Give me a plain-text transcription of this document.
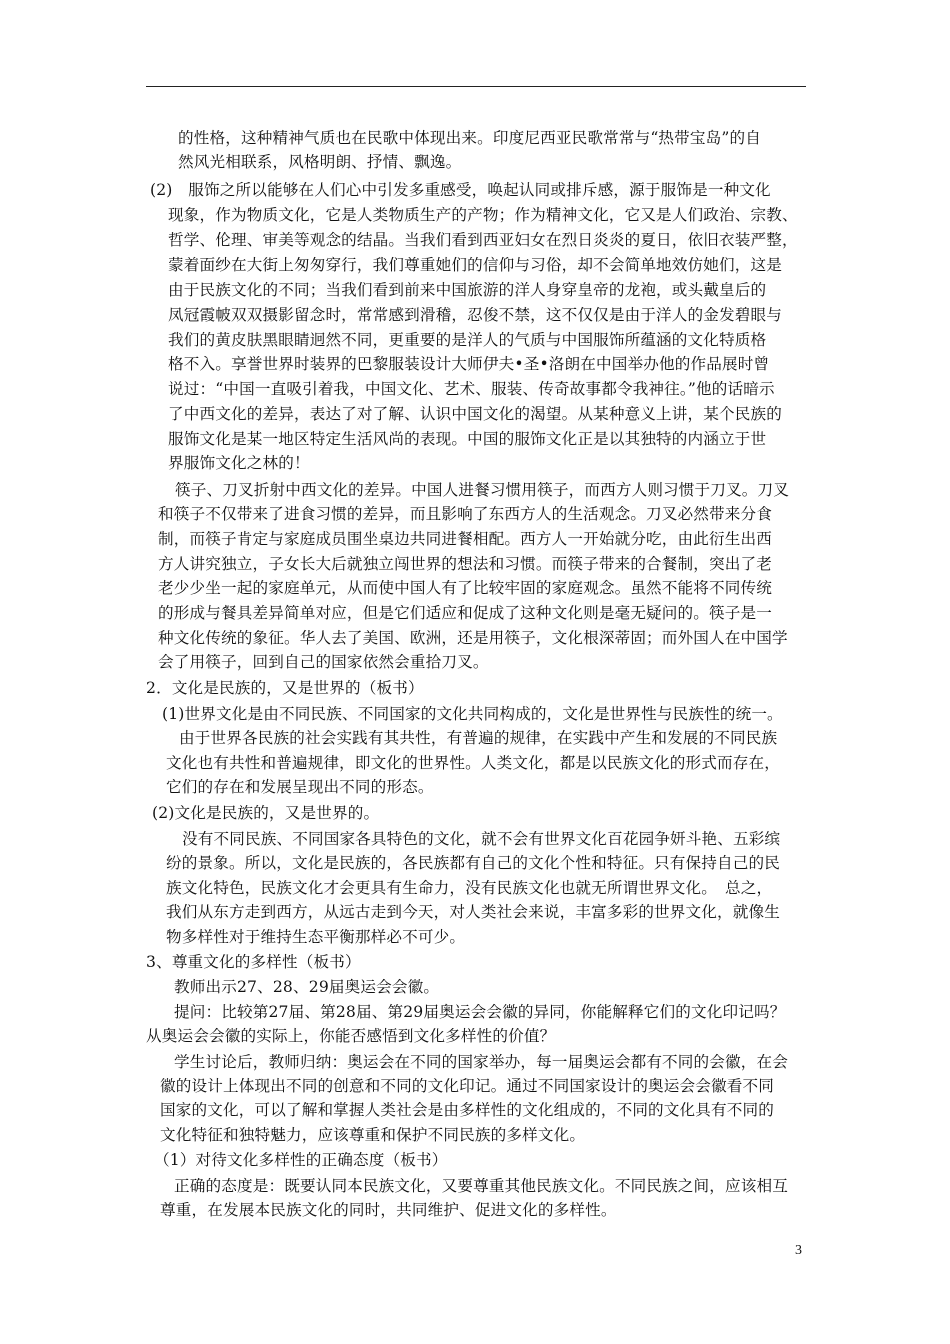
的性格，这种精神气质也在民歌中体现出来。印度尼西亚民歌常常与“热带宝岛”的自
然风光相联系，风格明朗、抒情、飘逸。
(2)　服饰之所以能够在人们心中引发多重感受，唤起认同或排斥感，源于服饰是一种文化
现象，作为物质文化，它是人类物质生产的产物；作为精神文化，它又是人们政治、宗教、
哲学、伦理、审美等观念的结晶。当我们看到西亚妇女在烈日炎炎的夏日，依旧衣装严整，
蒙着面纱在大街上匆匆穿行，我们尊重她们的信仰与习俗，却不会简单地效仿她们，这是
由于民族文化的不同；当我们看到前来中国旅游的洋人身穿皇帝的龙袍，或头戴皇后的
凤冠霞帔双双摄影留念时，常常感到滑稽，忍俊不禁，这不仅仅是由于洋人的金发碧眼与
我们的黄皮肤黑眼睛迥然不同，更重要的是洋人的气质与中国服饰所蕴涵的文化特质格
格不入。享誉世界时装界的巴黎服装设计大师伊夫•圣•洛朗在中国举办他的作品展时曾
说过：“中国一直吸引着我，中国文化、艺术、服装、传奇故事都令我神往。”他的话暗示
了中西文化的差异，表达了对了解、认识中国文化的渴望。从某种意义上讲，某个民族的
服饰文化是某一地区特定生活风尚的表现。中国的服饰文化正是以其独特的内涵立于世
界服饰文化之林的！
筷子、刀叉折射中西文化的差异。中国人进餐习惯用筷子，而西方人则习惯于刀叉。刀叉
和筷子不仅带来了进食习惯的差异，而且影响了东西方人的生活观念。刀叉必然带来分食
制，而筷子肯定与家庭成员围坐桌边共同进餐相配。西方人一开始就分吃，由此衍生出西
方人讲究独立，子女长大后就独立闯世界的想法和习惯。而筷子带来的合餐制，突出了老
老少少坐一起的家庭单元，从而使中国人有了比较牢固的家庭观念。虽然不能将不同传统
的形成与餐具差异简单对应，但是它们适应和促成了这种文化则是毫无疑问的。筷子是一
种文化传统的象征。华人去了美国、欧洲，还是用筷子，文化根深蒂固；而外国人在中国学
会了用筷子，回到自己的国家依然会重拾刀叉。
2．文化是民族的，又是世界的（板书）
(1)世界文化是由不同民族、不同国家的文化共同构成的，文化是世界性与民族性的统一。
由于世界各民族的社会实践有其共性，有普遍的规律，在实践中产生和发展的不同民族
文化也有共性和普遍规律，即文化的世界性。人类文化，都是以民族文化的形式而存在，
它们的存在和发展呈现出不同的形态。
(2)文化是民族的，又是世界的。
没有不同民族、不同国家各具特色的文化，就不会有世界文化百花园争妍斗艳、五彩缤
纷的景象。所以，文化是民族的，各民族都有自己的文化个性和特征。只有保持自己的民
族文化特色，民族文化才会更具有生命力，没有民族文化也就无所谓世界文化。　总之，
我们从东方走到西方，从远古走到今天，对人类社会来说，丰富多彩的世界文化，就像生
物多样性对于维持生态平衡那样必不可少。
3、尊重文化的多样性（板书）
教师出示27、28、29届奥运会会徽。
提问：比较第27届、第28届、第29届奥运会会徽的异同，你能解释它们的文化印记吗？
从奥运会会徽的实际上，你能否感悟到文化多样性的价值？
学生讨论后，教师归纳：奥运会在不同的国家举办，每一届奥运会都有不同的会徽，在会
徽的设计上体现出不同的创意和不同的文化印记。通过不同国家设计的奥运会会徽看不同
国家的文化，可以了解和掌握人类社会是由多样性的文化组成的，不同的文化具有不同的
文化特征和独特魅力，应该尊重和保护不同民族的多样文化。
（1）对待文化多样性的正确态度（板书）
正确的态度是：既要认同本民族文化，又要尊重其他民族文化。不同民族之间，应该相互
尊重，在发展本民族文化的同时，共同维护、促进文化的多样性。
3
